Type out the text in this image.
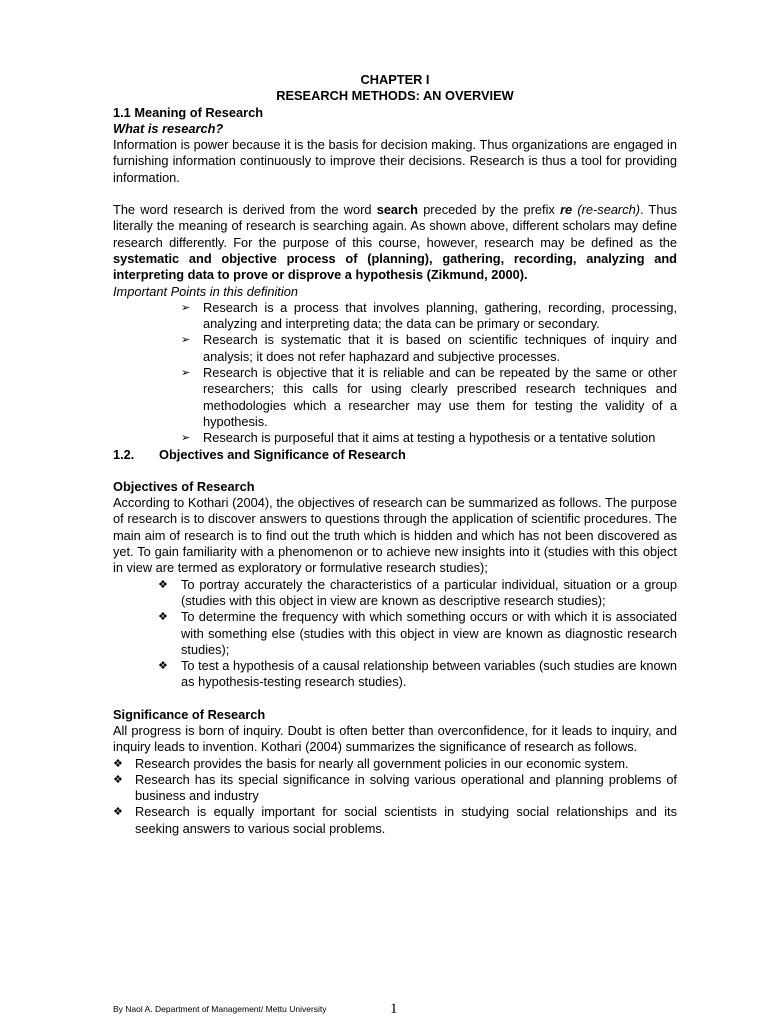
CHAPTER I
RESEARCH METHODS: AN OVERVIEW

1.1 Meaning of Research

What is research?

Information is power because it is the basis for decision making. Thus organizations are engaged in furnishing information continuously to improve their decisions. Research is thus a tool for providing information.

The word research is derived from the word search preceded by the prefix re (re-search). Thus literally the meaning of research is searching again. As shown above, different scholars may define research differently. For the purpose of this course, however, research may be defined as the systematic and objective process of (planning), gathering, recording, analyzing and interpreting data to prove or disprove a hypothesis (Zikmund, 2000).

Important Points in this definition

➢ Research is a process that involves planning, gathering, recording, processing, analyzing and interpreting data; the data can be primary or secondary.
➢ Research is systematic that it is based on scientific techniques of inquiry and analysis; it does not refer haphazard and subjective processes.
➢ Research is objective that it is reliable and can be repeated by the same or other researchers; this calls for using clearly prescribed research techniques and methodologies which a researcher may use them for testing the validity of a hypothesis.
➢ Research is purposeful that it aims at testing a hypothesis or a tentative solution

1.2. Objectives and Significance of Research

Objectives of Research

According to Kothari (2004), the objectives of research can be summarized as follows. The purpose of research is to discover answers to questions through the application of scientific procedures. The main aim of research is to find out the truth which is hidden and which has not been discovered as yet. To gain familiarity with a phenomenon or to achieve new insights into it (studies with this object in view are termed as exploratory or formulative research studies);

❖ To portray accurately the characteristics of a particular individual, situation or a group (studies with this object in view are known as descriptive research studies);
❖ To determine the frequency with which something occurs or with which it is associated with something else (studies with this object in view are known as diagnostic research studies);
❖ To test a hypothesis of a causal relationship between variables (such studies are known as hypothesis-testing research studies).

Significance of Research

All progress is born of inquiry. Doubt is often better than overconfidence, for it leads to inquiry, and inquiry leads to invention. Kothari (2004) summarizes the significance of research as follows.

❖ Research provides the basis for nearly all government policies in our economic system.
❖ Research has its special significance in solving various operational and planning problems of business and industry
❖ Research is equally important for social scientists in studying social relationships and its seeking answers to various social problems.
By Naol A. Department of Management/ Mettu University	1
